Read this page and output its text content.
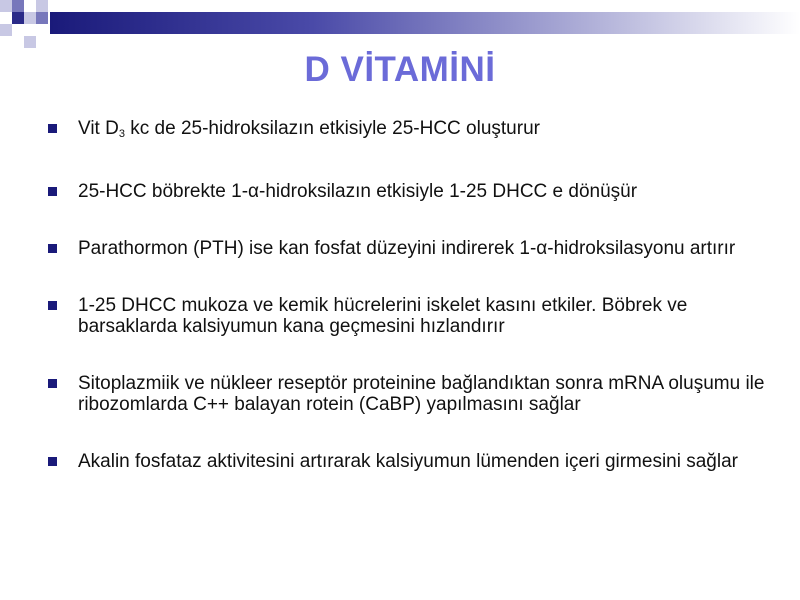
D VİTAMİNİ
Vit $D_3$ kc de 25-hidroksilazın etkisiyle 25-HCC oluşturur
25-HCC böbrekte 1-α-hidroksilazın etkisiyle 1-25 DHCC e dönüşür
Parathormon (PTH) ise kan fosfat düzeyini indirerek 1-α-hidroksilasyonu artırır
1-25 DHCC mukoza ve kemik hücrelerini iskelet kasını etkiler. Böbrek ve barsaklarda kalsiyumun kana geçmesini hızlandırır
Sitoplazmiik ve nükleer reseptör proteinine bağlandıktan sonra mRNA oluşumu ile ribozomlarda C++ balayan rotein (CaBP) yapılmasını sağlar
Akalin fosfataz aktivitesini artırarak kalsiyumun lümenden içeri girmesini sağlar
